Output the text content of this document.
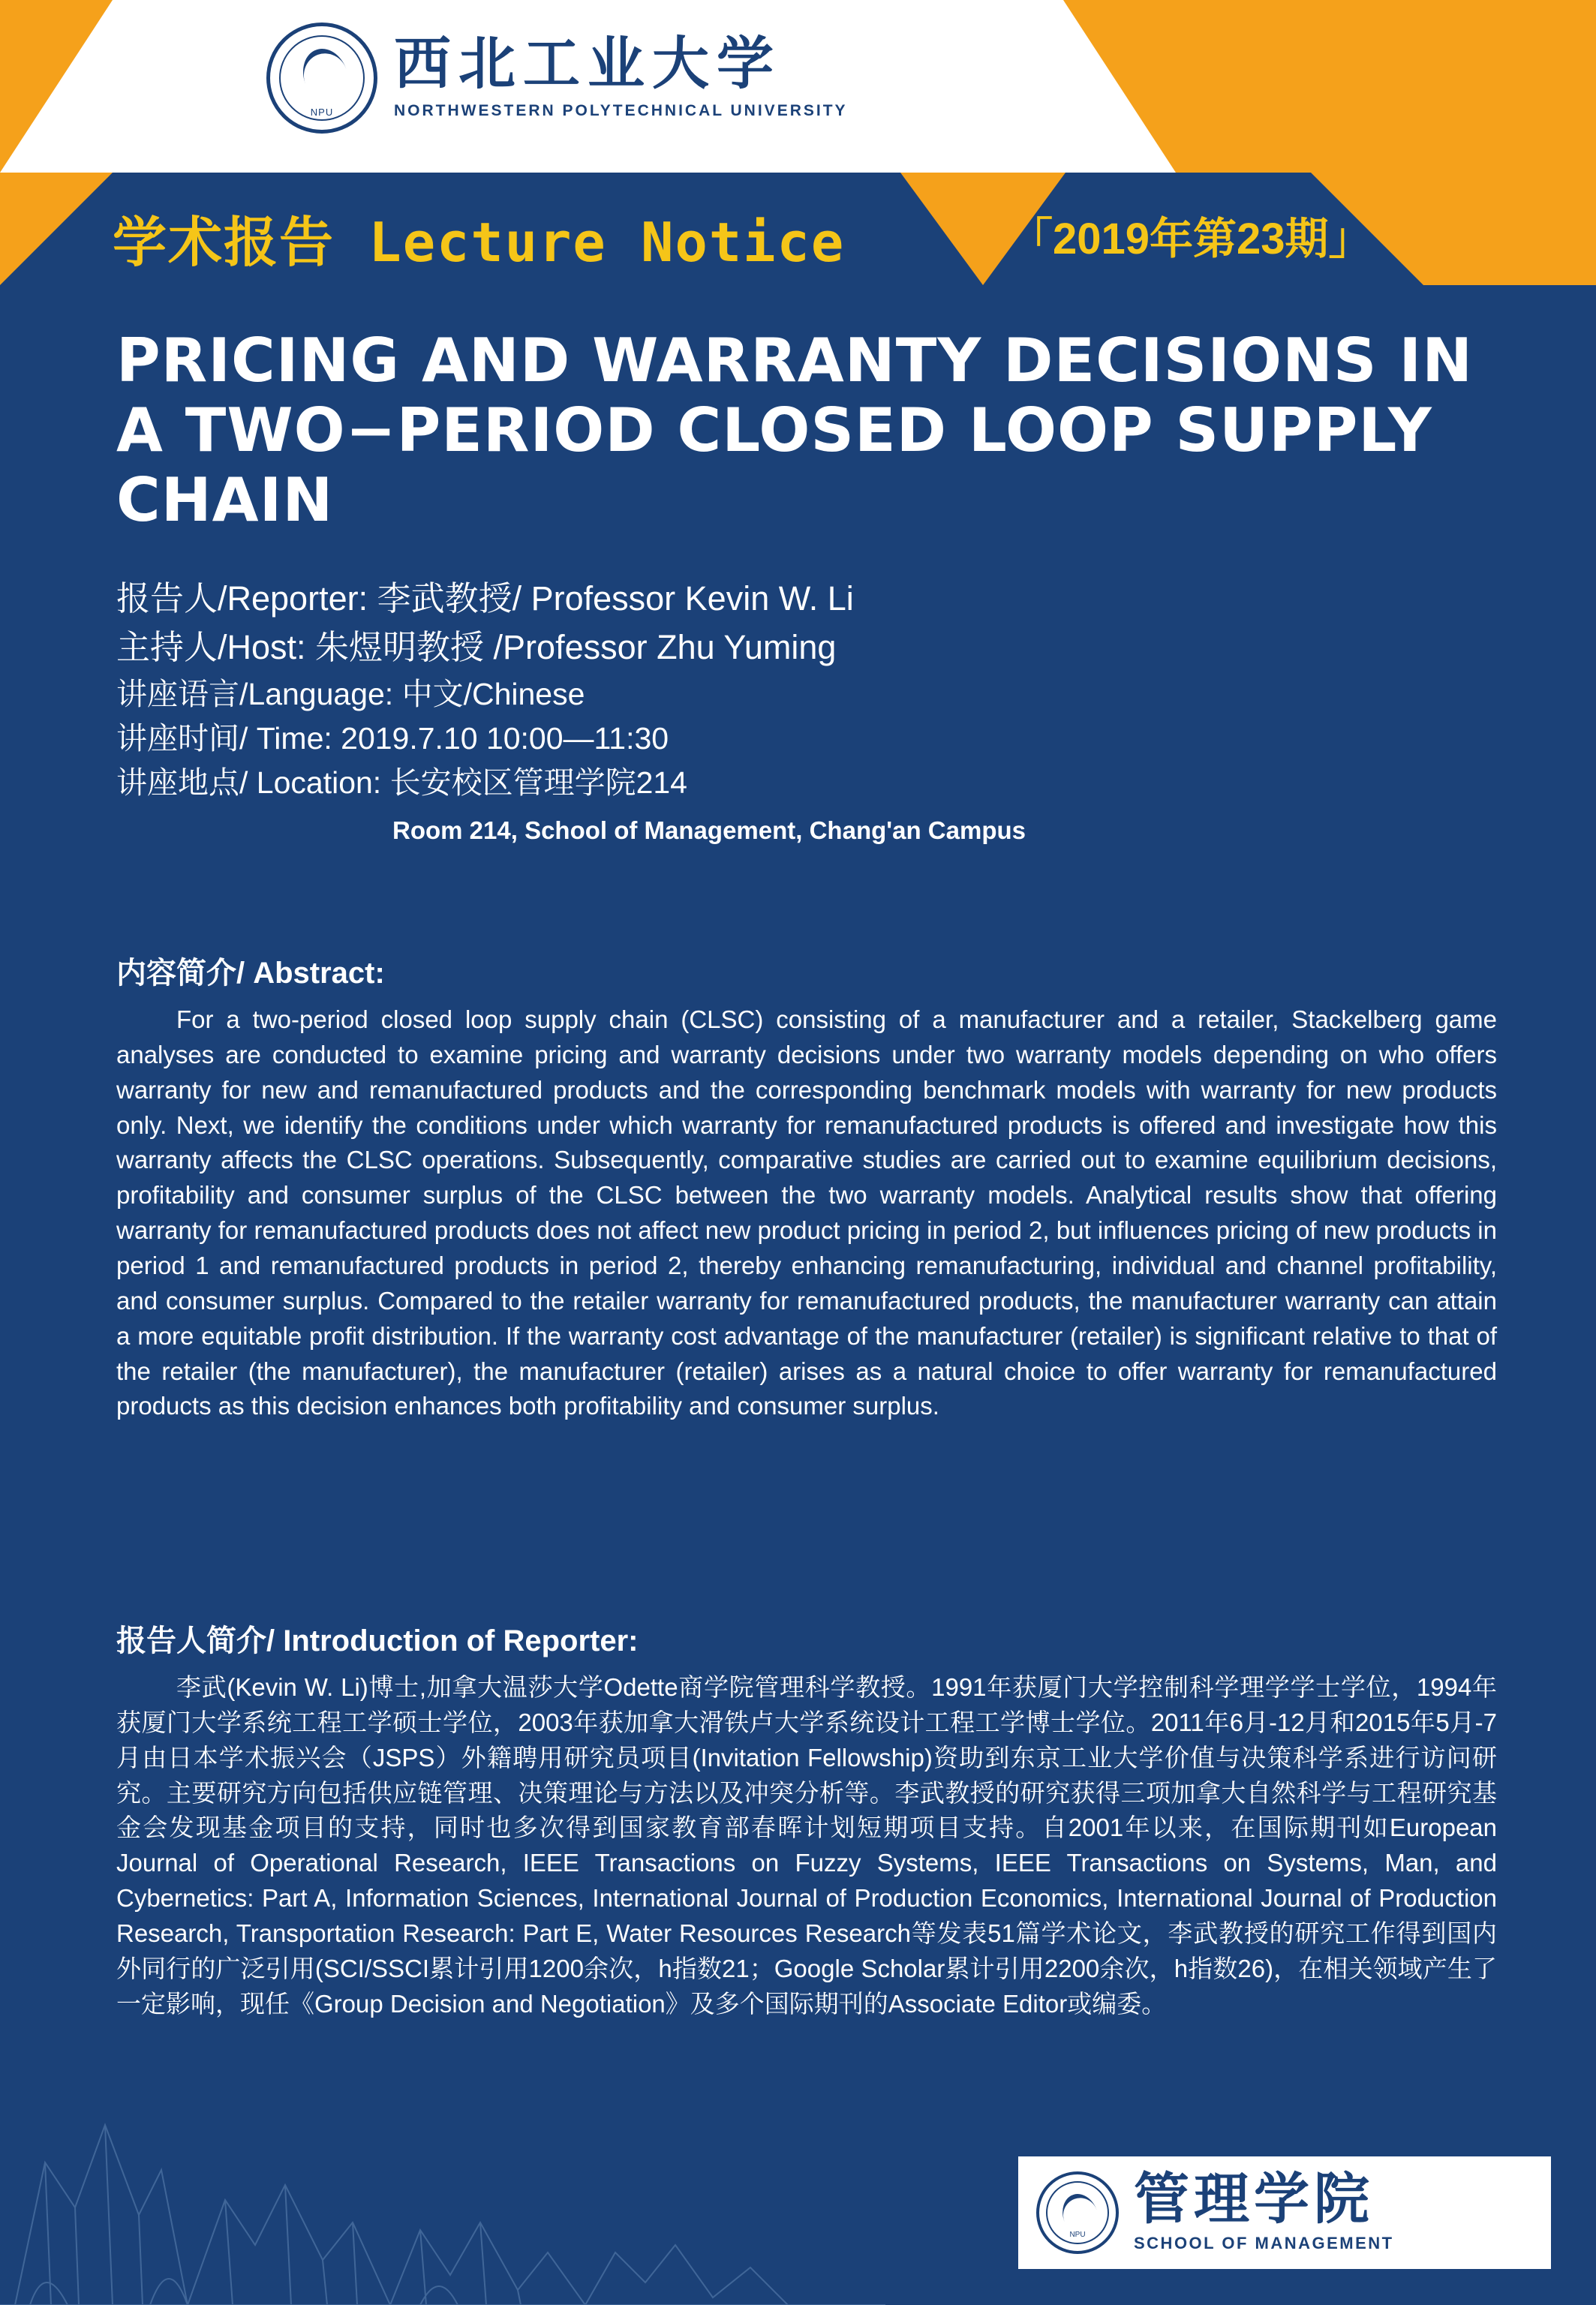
NPU
西北工业大学
NORTHWESTERN POLYTECHNICAL UNIVERSITY
学术报告 Lecture Notice	「2019年第23期」
PRICING AND WARRANTY DECISIONS IN A TWO−PERIOD CLOSED LOOP SUPPLY CHAIN
报告人/Reporter: 李武教授/ Professor Kevin W. Li
主持人/Host: 朱煜明教授 /Professor Zhu Yuming
讲座语言/Language: 中文/Chinese
讲座时间/ Time: 2019.7.10 10:00—11:30
讲座地点/ Location: 长安校区管理学院214
Room 214, School of Management, Chang'an Campus
内容简介/ Abstract:
For a two-period closed loop supply chain (CLSC) consisting of a manufacturer and a retailer, Stackelberg game analyses are conducted to examine pricing and warranty decisions under two warranty models depending on who offers warranty for new and remanufactured products and the corresponding benchmark models with warranty for new products only. Next, we identify the conditions under which warranty for remanufactured products is offered and investigate how this warranty affects the CLSC operations. Subsequently, comparative studies are carried out to examine equilibrium decisions, profitability and consumer surplus of the CLSC between the two warranty models. Analytical results show that offering warranty for remanufactured products does not affect new product pricing in period 2, but influences pricing of new products in period 1 and remanufactured products in period 2, thereby enhancing remanufacturing, individual and channel profitability, and consumer surplus. Compared to the retailer warranty for remanufactured products, the manufacturer warranty can attain a more equitable profit distribution. If the warranty cost advantage of the manufacturer (retailer) is significant relative to that of the retailer (the manufacturer), the manufacturer (retailer) arises as a natural choice to offer warranty for remanufactured products as this decision enhances both profitability and consumer surplus.
报告人简介/ Introduction of Reporter:
李武(Kevin W. Li)博士,加拿大温莎大学Odette商学院管理科学教授。1991年获厦门大学控制科学理学学士学位，1994年获厦门大学系统工程工学硕士学位，2003年获加拿大滑铁卢大学系统设计工程工学博士学位。2011年6月-12月和2015年5月-7月由日本学术振兴会（JSPS）外籍聘用研究员项目(Invitation Fellowship)资助到东京工业大学价值与决策科学系进行访问研究。主要研究方向包括供应链管理、决策理论与方法以及冲突分析等。李武教授的研究获得三项加拿大自然科学与工程研究基金会发现基金项目的支持，同时也多次得到国家教育部春晖计划短期项目支持。自2001年以来，在国际期刊如European Journal of Operational Research, IEEE Transactions on Fuzzy Systems, IEEE Transactions on Systems, Man, and Cybernetics: Part A, Information Sciences, International Journal of Production Economics, International Journal of Production Research, Transportation Research: Part E, Water Resources Research等发表51篇学术论文，李武教授的研究工作得到国内外同行的广泛引用(SCI/SSCI累计引用1200余次，h指数21；Google Scholar累计引用2200余次，h指数26)，在相关领域产生了一定影响，现任《Group Decision and Negotiation》及多个国际期刊的Associate Editor或编委。
NPU
管理学院
SCHOOL OF MANAGEMENT
